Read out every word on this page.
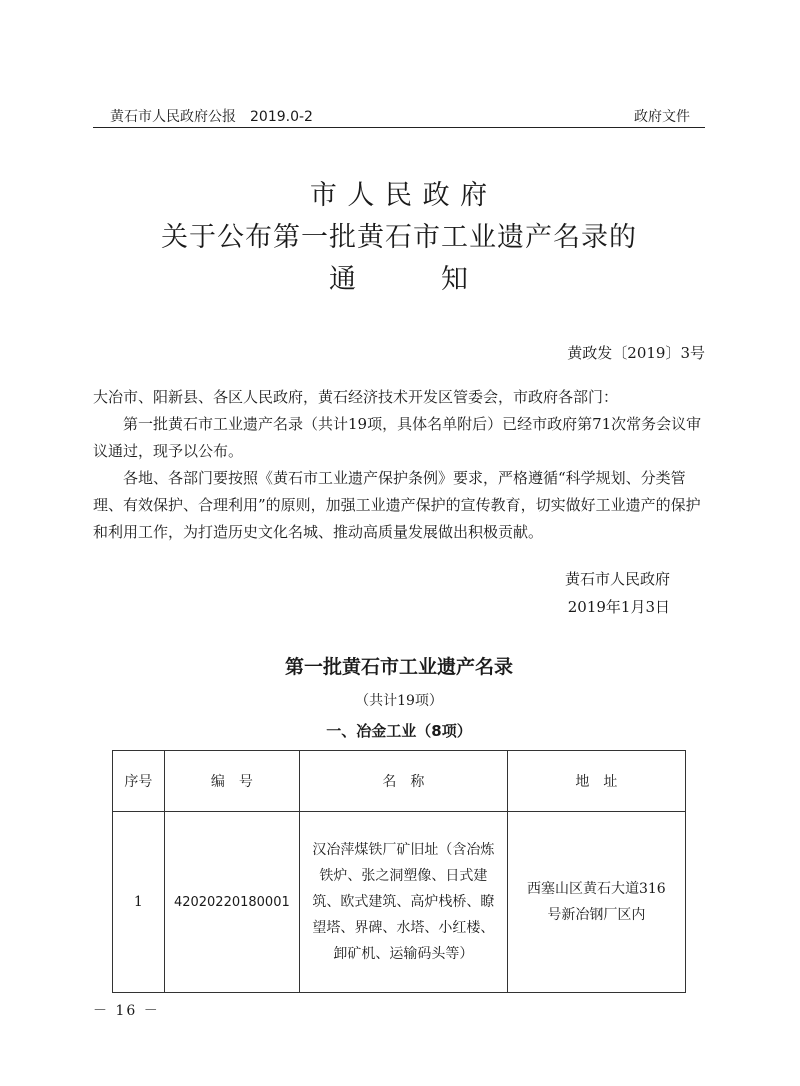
黄石市人民政府公报　2019.0-2	政府文件
市 人 民 政 府
关于公布第一批黄石市工业遗产名录的
通　　　知
黄政发〔2019〕3号

大冶市、阳新县、各区人民政府，黄石经济技术开发区管委会，市政府各部门：

第一批黄石市工业遗产名录（共计19项，具体名单附后）已经市政府第71次常务会议审议通过，现予以公布。

各地、各部门要按照《黄石市工业遗产保护条例》要求，严格遵循“科学规划、分类管理、有效保护、合理利用”的原则，加强工业遗产保护的宣传教育，切实做好工业遗产的保护和利用工作，为打造历史文化名城、推动高质量发展做出积极贡献。

黄石市人民政府
2019年1月3日
第一批黄石市工业遗产名录
（共计19项）
一、冶金工业（8项）
序号	编　号	名　称	地　址
1	42020220180001	汉冶萍煤铁厂矿旧址（含冶炼铁炉、张之洞塑像、日式建筑、欧式建筑、高炉栈桥、瞭望塔、界碑、水塔、小红楼、卸矿机、运输码头等）	西塞山区黄石大道316号新冶钢厂区内
－ 16 －
